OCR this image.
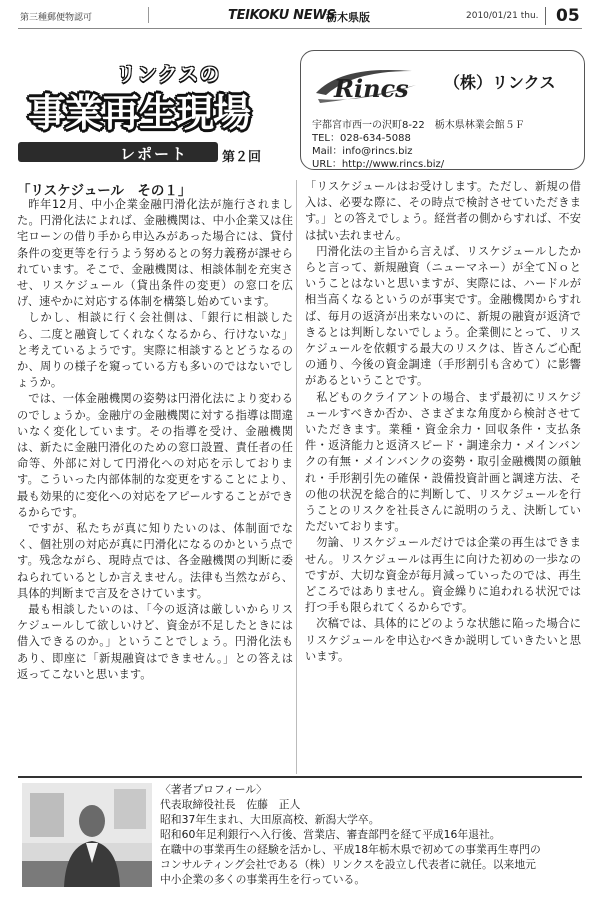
第三種郵便物認可	TEIKOKU NEWS
栃木県版	2010/01/21 thu. 05
リンクスの
事業再生現場
レポート	第２回
Rincs （株）リンクス
宇都宮市西一の沢町8-22　栃木県林業会館５Ｆ
TEL：028-634-5088
Mail：info@rincs.biz
URL：http://www.rincs.biz/
「リスケジュール　その１」

昨年12月、中小企業金融円滑化法が施行されました。円滑化法によれば、金融機関は、中小企業又は住宅ローンの借り手から申込みがあった場合には、貸付条件の変更等を行うよう努めるとの努力義務が課せられています。そこで、金融機関は、相談体制を充実させ、リスケジュール（貸出条件の変更）の窓口を広げ、速やかに対応する体制を構築し始めています。

しかし、相談に行く会社側は、「銀行に相談したら、二度と融資してくれなくなるから、行けないな」と考えているようです。実際に相談するとどうなるのか、周りの様子を窺っている方も多いのではないでしょうか。

では、一体金融機関の姿勢は円滑化法により変わるのでしょうか。金融庁の金融機関に対する指導は間違いなく変化しています。その指導を受け、金融機関は、新たに金融円滑化のための窓口設置、責任者の任命等、外部に対して円滑化への対応を示しております。こういった内部体制的な変更をすることにより、最も効果的に変化への対応をアピールすることができるからです。

ですが、私たちが真に知りたいのは、体制面でなく、個社別の対応が真に円滑化になるのかという点です。残念ながら、現時点では、各金融機関の判断に委ねられているとしか言えません。法律も当然ながら、具体的判断まで言及をさけています。

最も相談したいのは、「今の返済は厳しいからリスケジュールして欲しいけど、資金が不足したときには借入できるのか。」ということでしょう。円滑化法もあり、即座に「新規融資はできません。」との答えは返ってこないと思います。

「リスケジュールはお受けします。ただし、新規の借入は、必要な際に、その時点で検討させていただきます。」との答えでしょう。経営者の側からすれば、不安は拭い去れません。

円滑化法の主旨から言えば、リスケジュールしたからと言って、新規融資（ニューマネー）が全てＮｏということはないと思いますが、実際には、ハードルが相当高くなるというのが事実です。金融機関からすれば、毎月の返済が出来ないのに、新規の融資が返済できるとは判断しないでしょう。企業側にとって、リスケジュールを依頼する最大のリスクは、皆さんご心配の通り、今後の資金調達（手形割引も含めて）に影響があるということです。

私どものクライアントの場合、まず最初にリスケジュールすべきか否か、さまざまな角度から検討させていただきます。業種・資金余力・回収条件・支払条件・返済能力と返済スピード・調達余力・メインバンクの有無・メインバンクの姿勢・取引金融機関の顔触れ・手形割引先の確保・設備投資計画と調達方法、その他の状況を総合的に判断して、リスケジュールを行うことのリスクを社長さんに説明のうえ、決断していただいております。

勿論、リスケジュールだけでは企業の再生はできません。リスケジュールは再生に向けた初めの一歩なのですが、大切な資金が毎月減っていったのでは、再生どころではありません。資金繰りに追われる状況では打つ手も限られてくるからです。

次稿では、具体的にどのような状態に陥った場合にリスケジュールを申込むべきか説明していきたいと思います。

〈著者プロフィール〉
代表取締役社長　佐藤　正人
昭和37年生まれ、大田原高校、新潟大学卒。
昭和60年足利銀行へ入行後、営業店、審査部門を経て平成16年退社。
在職中の事業再生の経験を活かし、平成18年栃木県で初めての事業再生専門の
コンサルティング会社である（株）リンクスを設立し代表者に就任。以来地元
中小企業の多くの事業再生を行っている。
